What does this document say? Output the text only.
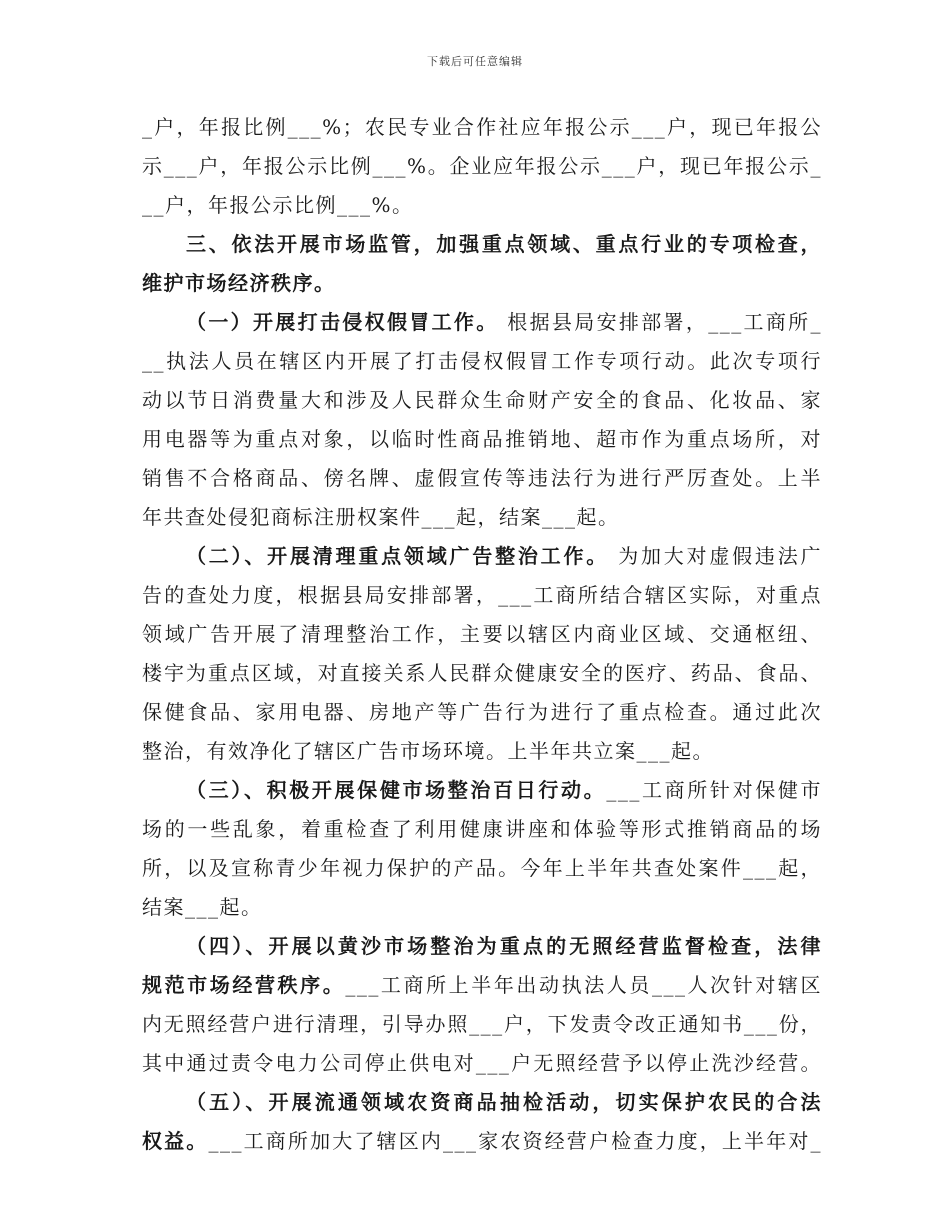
下载后可任意编辑
_户，年报比例___%；农民专业合作社应年报公示___户，现已年报公
示___户，年报公示比例___%。企业应年报公示___户，现已年报公示_
__户，年报公示比例___%。
三、依法开展市场监管，加强重点领域、重点行业的专项检查，
维护市场经济秩序。
（一）开展打击侵权假冒工作。 根据县局安排部署，___工商所_
__执法人员在辖区内开展了打击侵权假冒工作专项行动。此次专项行
动以节日消费量大和涉及人民群众生命财产安全的食品、化妆品、家
用电器等为重点对象，以临时性商品推销地、超市作为重点场所，对
销售不合格商品、傍名牌、虚假宣传等违法行为进行严厉查处。上半
年共查处侵犯商标注册权案件___起，结案___起。
（二）、开展清理重点领域广告整治工作。 为加大对虚假违法广
告的查处力度，根据县局安排部署，___工商所结合辖区实际，对重点
领域广告开展了清理整治工作，主要以辖区内商业区域、交通枢纽、
楼宇为重点区域，对直接关系人民群众健康安全的医疗、药品、食品、
保健食品、家用电器、房地产等广告行为进行了重点检查。通过此次
整治，有效净化了辖区广告市场环境。上半年共立案___起。
（三）、积极开展保健市场整治百日行动。___工商所针对保健市
场的一些乱象，着重检查了利用健康讲座和体验等形式推销商品的场
所，以及宣称青少年视力保护的产品。今年上半年共查处案件___起，
结案___起。
（四）、开展以黄沙市场整治为重点的无照经营监督检查，法律
规范市场经营秩序。___工商所上半年出动执法人员___人次针对辖区
内无照经营户进行清理，引导办照___户，下发责令改正通知书___份，
其中通过责令电力公司停止供电对___户无照经营予以停止洗沙经营。
（五）、开展流通领域农资商品抽检活动，切实保护农民的合法
权益。___工商所加大了辖区内___家农资经营户检查力度，上半年对_
